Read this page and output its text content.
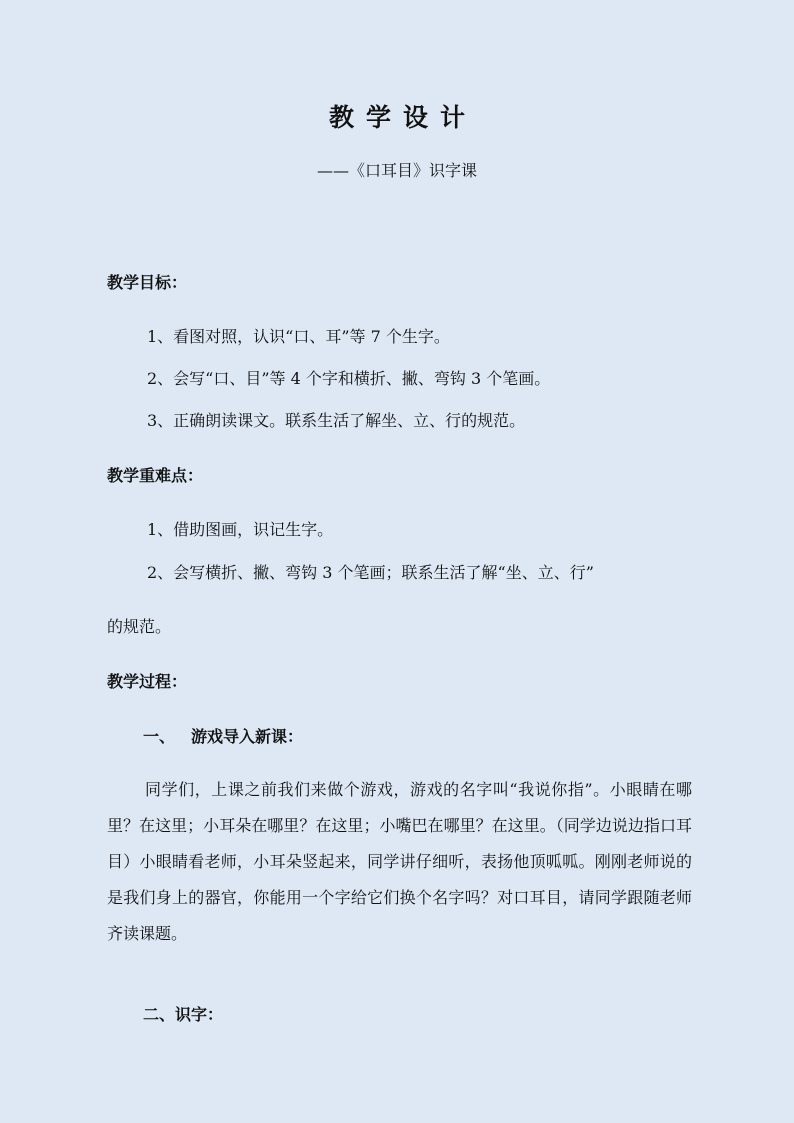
教学设计
——《口耳目》识字课
教学目标：
1、看图对照，认识“口、耳”等 7 个生字。
2、会写“口、目”等 4 个字和横折、撇、弯钩 3 个笔画。
3、正确朗读课文。联系生活了解坐、立、行的规范。
教学重难点：
1、借助图画，识记生字。
2、会写横折、撇、弯钩 3 个笔画；联系生活了解“坐、立、行”
的规范。
教学过程：
一、 游戏导入新课：
同学们，上课之前我们来做个游戏，游戏的名字叫“我说你指”。小眼睛在哪里？在这里；小耳朵在哪里？在这里；小嘴巴在哪里？在这里。（同学边说边指口耳目）小眼睛看老师，小耳朵竖起来，同学讲仔细听，表扬他顶呱呱。刚刚老师说的是我们身上的器官，你能用一个字给它们换个名字吗？对口耳目，请同学跟随老师齐读课题。
二、识字：
